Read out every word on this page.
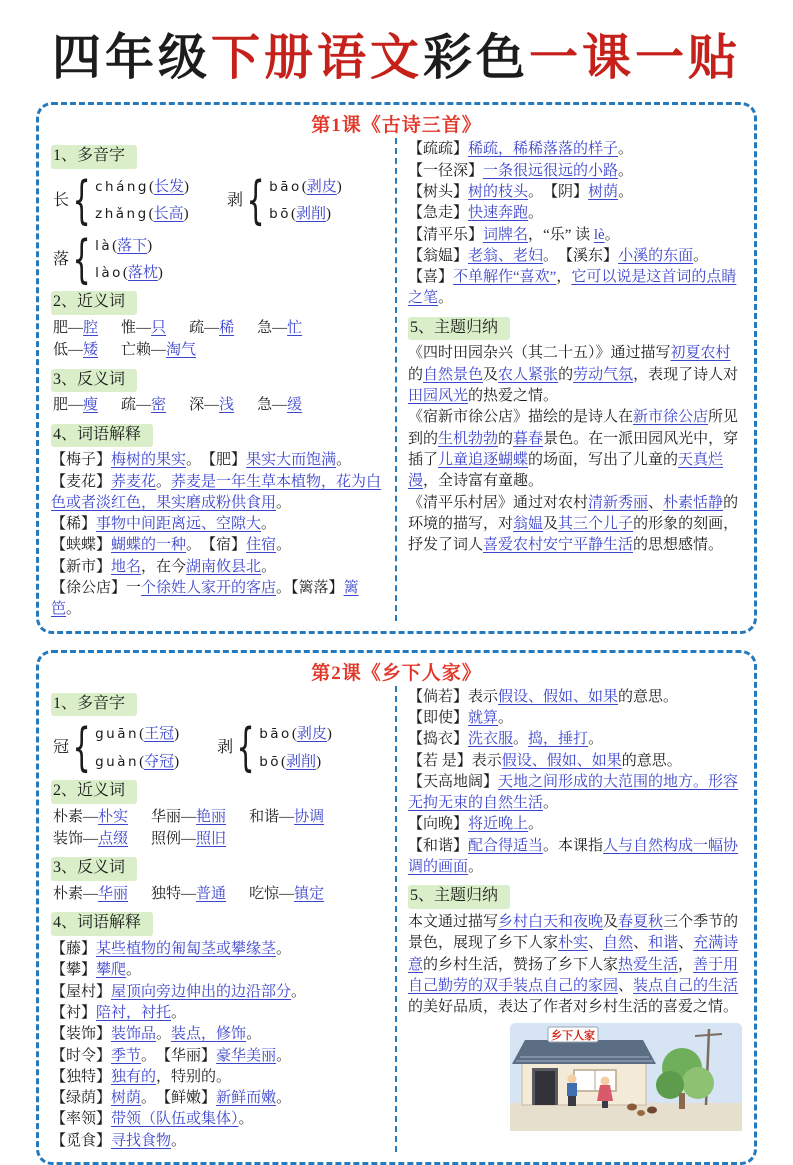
四年级下册语文彩色一课一贴
第1课《古诗三首》
1、多音字
长 { cháng(长发)
zhǎng(长高)
剥 { bāo(剥皮)
bō(剥削)
落 { là(落下)
lào(落枕)
2、近义词
肥—腔 惟—只 疏—稀 急—忙
低—矮 亡赖—淘气
3、反义词
肥—瘦 疏—密 深—浅 急—缓
4、词语解释
【梅子】梅树的果实。　【肥】果实大而饱满。
【麦花】荞麦花。荞麦是一年生草本植物，花为白色或者淡红色，果实磨成粉供食用。
【稀】事物中间距离远、空隙大。
【蛱蝶】蝴蝶的一种。　【宿】住宿。
【新市】地名，在今湖南攸县北。
【徐公店】一个徐姓人家开的客店。【篱落】篱笆。
【疏疏】稀疏，稀稀落落的样子。
【一径深】一条很远很远的小路。
【树头】树的枝头。　【阴】树荫。
【急走】快速奔跑。
【清平乐】词牌名，“乐” 读 lè。
【翁媪】老翁、老妇。　【溪东】小溪的东面。
【喜】不单解作“喜欢”，它可以说是这首词的点睛之笔。
5、主题归纳
《四时田园杂兴（其二十五）》通过描写初夏农村的自然景色及农人紧张的劳动气氛，表现了诗人对田园风光的热爱之情。
《宿新市徐公店》描绘的是诗人在新市徐公店所见到的生机勃勃的暮春景色。在一派田园风光中，穿插了儿童追逐蝴蝶的场面，写出了儿童的天真烂漫，全诗富有童趣。
《清平乐村居》通过对农村清新秀丽、朴素恬静的环境的描写，对翁媪及其三个儿子的形象的刻画，抒发了词人喜爱农村安宁平静生活的思想感情。
第2课《乡下人家》
1、多音字
冠 { guān(王冠)
guàn(夺冠)
剥 { bāo(剥皮)
bō(剥削)
2、近义词
朴素—朴实 华丽—艳丽 和谐—协调
装饰—点缀 照例—照旧
3、反义词
朴素—华丽 独特—普通 吃惊—镇定
4、词语解释
【藤】某些植物的匍匐茎或攀缘茎。
【攀】攀爬。
【屋村】屋顶向旁边伸出的边沿部分。
【衬】陪衬，衬托。
【装饰】装饰品。装点，修饰。
【时令】季节。　【华丽】豪华美丽。
【独特】独有的，特别的。
【绿荫】树荫。　【鲜嫩】新鲜而嫩。
【率领】带领（队伍或集体）。
【觅食】寻找食物。
【倘若】表示假设、假如、如果的意思。
【即使】就算。
【捣衣】洗衣服。捣，捶打。
【若 是】表示假设、假如、如果的意思。
【天高地阔】天地之间形成的大范围的地方。形容无拘无束的自然生活。
【向晚】将近晚上。
【和谐】配合得适当。本课指人与自然构成一幅协调的画面。
5、主题归纳
本文通过描写乡村白天和夜晚及春夏秋三个季节的景色，展现了乡下人家朴实、自然、和谐、充满诗意的乡村生活，赞扬了乡下人家热爱生活，善于用自己勤劳的双手装点自己的家园、装点自己的生活的美好品质，表达了作者对乡村生活的喜爱之情。
乡下人家
